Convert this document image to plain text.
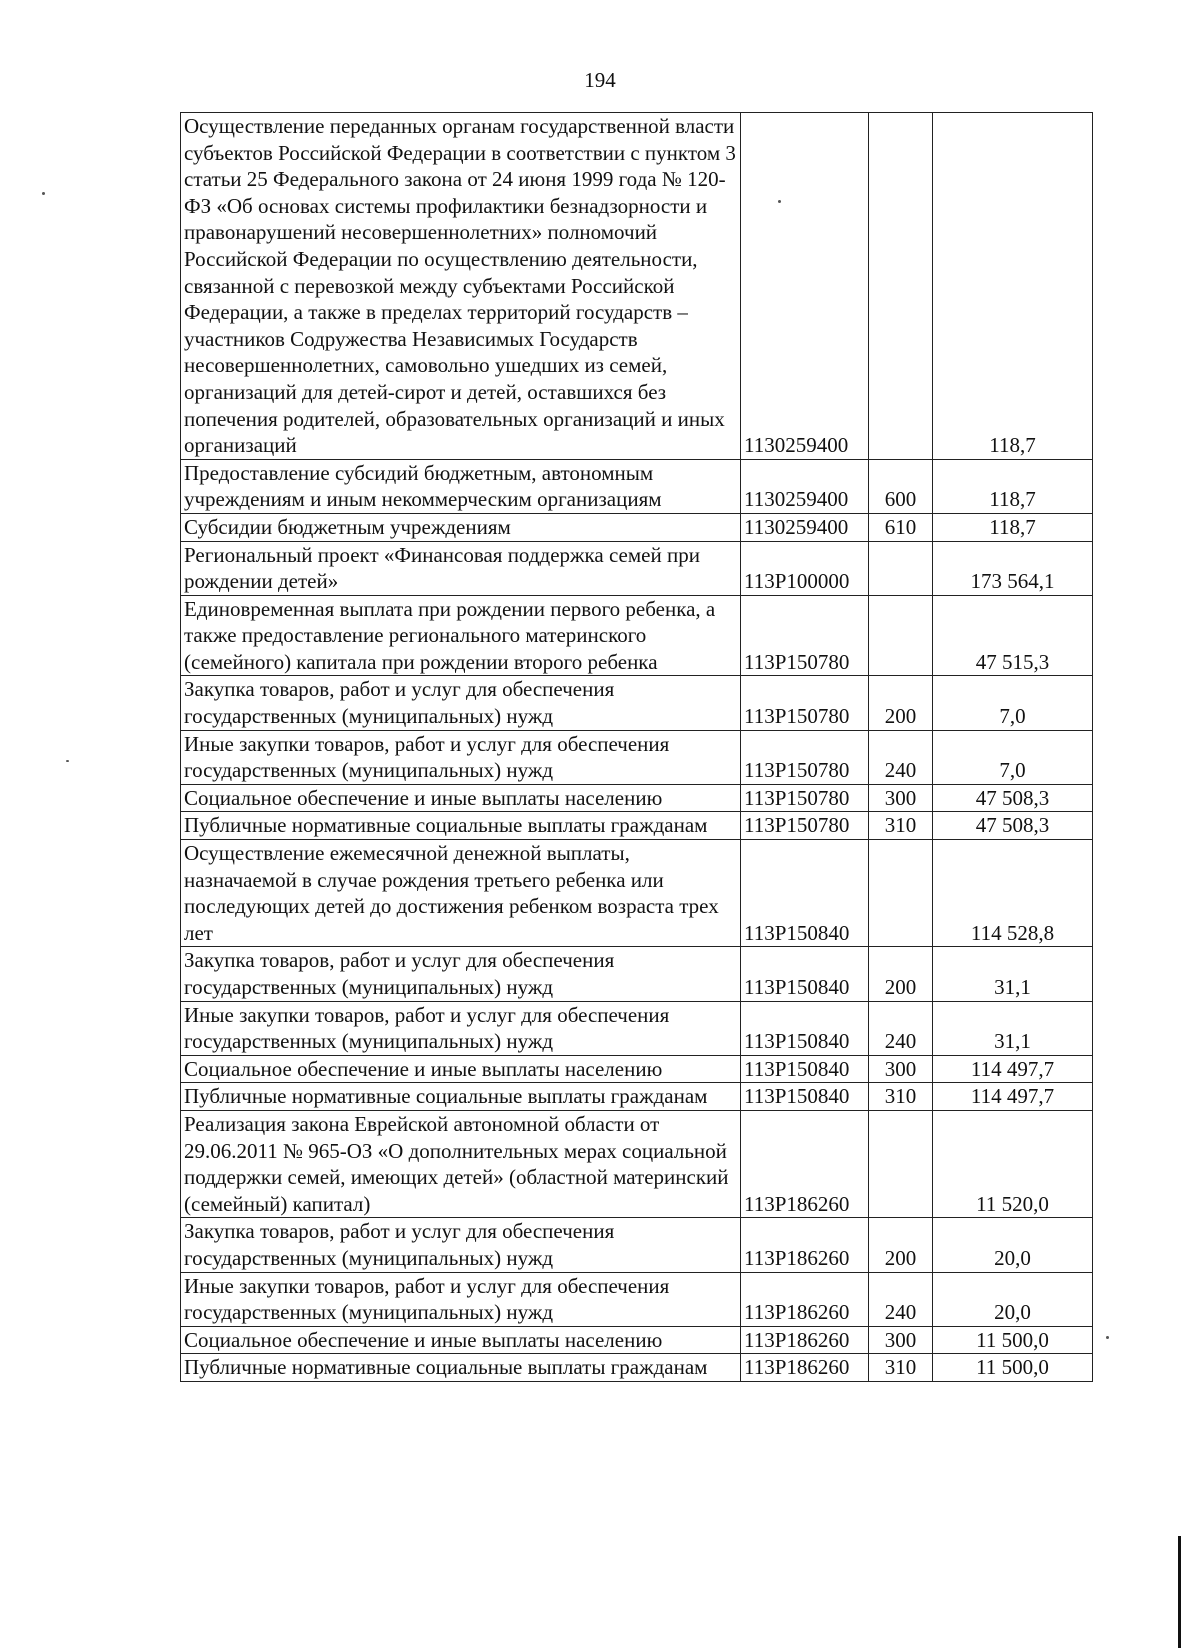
194
Осуществление переданных органам государственной власти субъектов Российской Федерации в соответствии с пунктом 3 статьи 25 Федерального закона от 24 июня 1999 года № 120-ФЗ «Об основах системы профилактики безнадзорности и правонарушений несовершеннолетних» полномочий Российской Федерации по осуществлению деятельности, связанной с перевозкой между субъектами Российской Федерации, а также в пределах территорий государств – участников Содружества Независимых Государств несовершеннолетних, самовольно ушедших из семей, организаций для детей-сирот и детей, оставшихся без попечения родителей, образовательных организаций и иных организаций	1130259400		118,7
Предоставление субсидий бюджетным, автономным учреждениям и иным некоммерческим организациям	1130259400	600	118,7
Субсидии бюджетным учреждениям	1130259400	610	118,7
Региональный проект «Финансовая поддержка семей при рождении детей»	113P100000		173 564,1
Единовременная выплата при рождении первого ребенка, а также предоставление регионального материнского (семейного) капитала при рождении второго ребенка	113P150780		47 515,3
Закупка товаров, работ и услуг для обеспечения государственных (муниципальных) нужд	113P150780	200	7,0
Иные закупки товаров, работ и услуг для обеспечения государственных (муниципальных) нужд	113P150780	240	7,0
Социальное обеспечение и иные выплаты населению	113P150780	300	47 508,3
Публичные нормативные социальные выплаты гражданам	113P150780	310	47 508,3
Осуществление ежемесячной денежной выплаты, назначаемой в случае рождения третьего ребенка или последующих детей до достижения ребенком возраста трех лет	113P150840		114 528,8
Закупка товаров, работ и услуг для обеспечения государственных (муниципальных) нужд	113P150840	200	31,1
Иные закупки товаров, работ и услуг для обеспечения государственных (муниципальных) нужд	113P150840	240	31,1
Социальное обеспечение и иные выплаты населению	113P150840	300	114 497,7
Публичные нормативные социальные выплаты гражданам	113P150840	310	114 497,7
Реализация закона Еврейской автономной области от 29.06.2011 № 965-ОЗ «О дополнительных мерах социальной поддержки семей, имеющих детей» (областной материнский (семейный) капитал)	113P186260		11 520,0
Закупка товаров, работ и услуг для обеспечения государственных (муниципальных) нужд	113P186260	200	20,0
Иные закупки товаров, работ и услуг для обеспечения государственных (муниципальных) нужд	113P186260	240	20,0
Социальное обеспечение и иные выплаты населению	113P186260	300	11 500,0
Публичные нормативные социальные выплаты гражданам	113P186260	310	11 500,0
